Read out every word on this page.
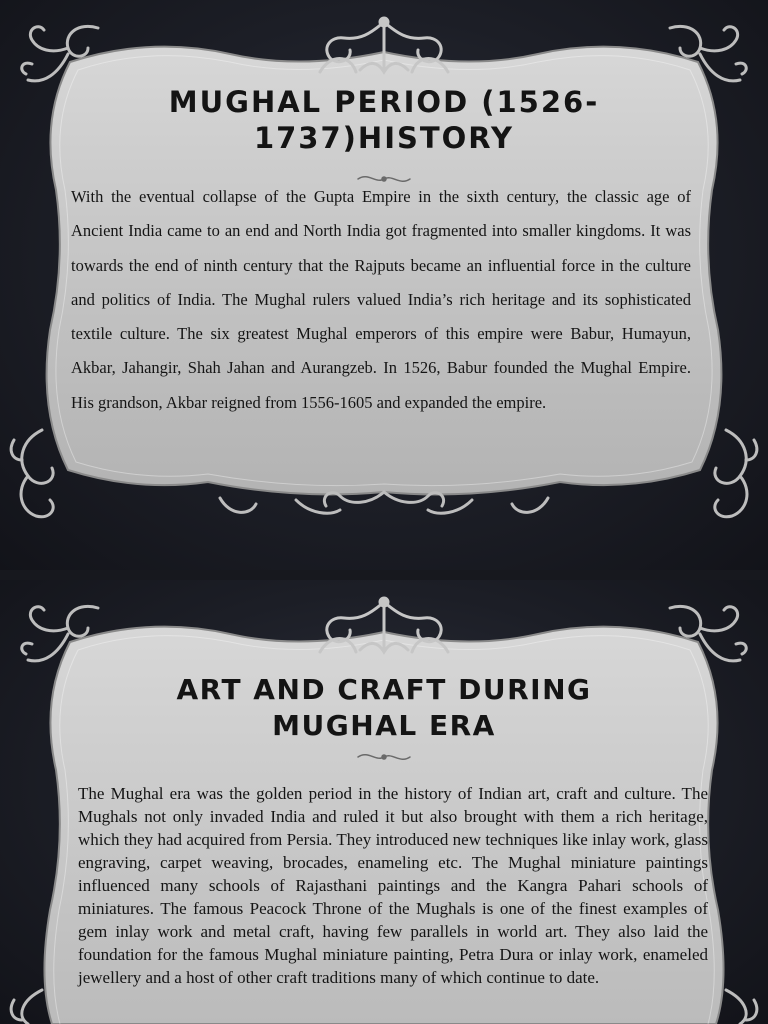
MUGHAL PERIOD (1526-1737)HISTORY
With the eventual collapse of the Gupta Empire in the sixth century, the classic age of Ancient India came to an end and North India got fragmented into smaller kingdoms. It was towards the end of ninth century that the Rajputs became an influential force in the culture and politics of India. The Mughal rulers valued India’s rich heritage and its sophisticated textile culture. The six greatest Mughal emperors of this empire were Babur, Humayun, Akbar, Jahangir, Shah Jahan and Aurangzeb. In 1526, Babur founded the Mughal Empire. His grandson, Akbar reigned from 1556-1605 and expanded the empire.
ART AND CRAFT DURING MUGHAL ERA
The Mughal era was the golden period in the history of Indian art, craft and culture. The Mughals not only invaded India and ruled it but also brought with them a rich heritage, which they had acquired from Persia. They introduced new techniques like inlay work, glass engraving, carpet weaving, brocades, enameling etc. The Mughal miniature paintings influenced many schools of Rajasthani paintings and the Kangra Pahari schools of miniatures. The famous Peacock Throne of the Mughals is one of the finest examples of gem inlay work and metal craft, having few parallels in world art. They also laid the foundation for the famous Mughal miniature painting, Petra Dura or inlay work, enameled jewellery and a host of other craft traditions many of which continue to date.
